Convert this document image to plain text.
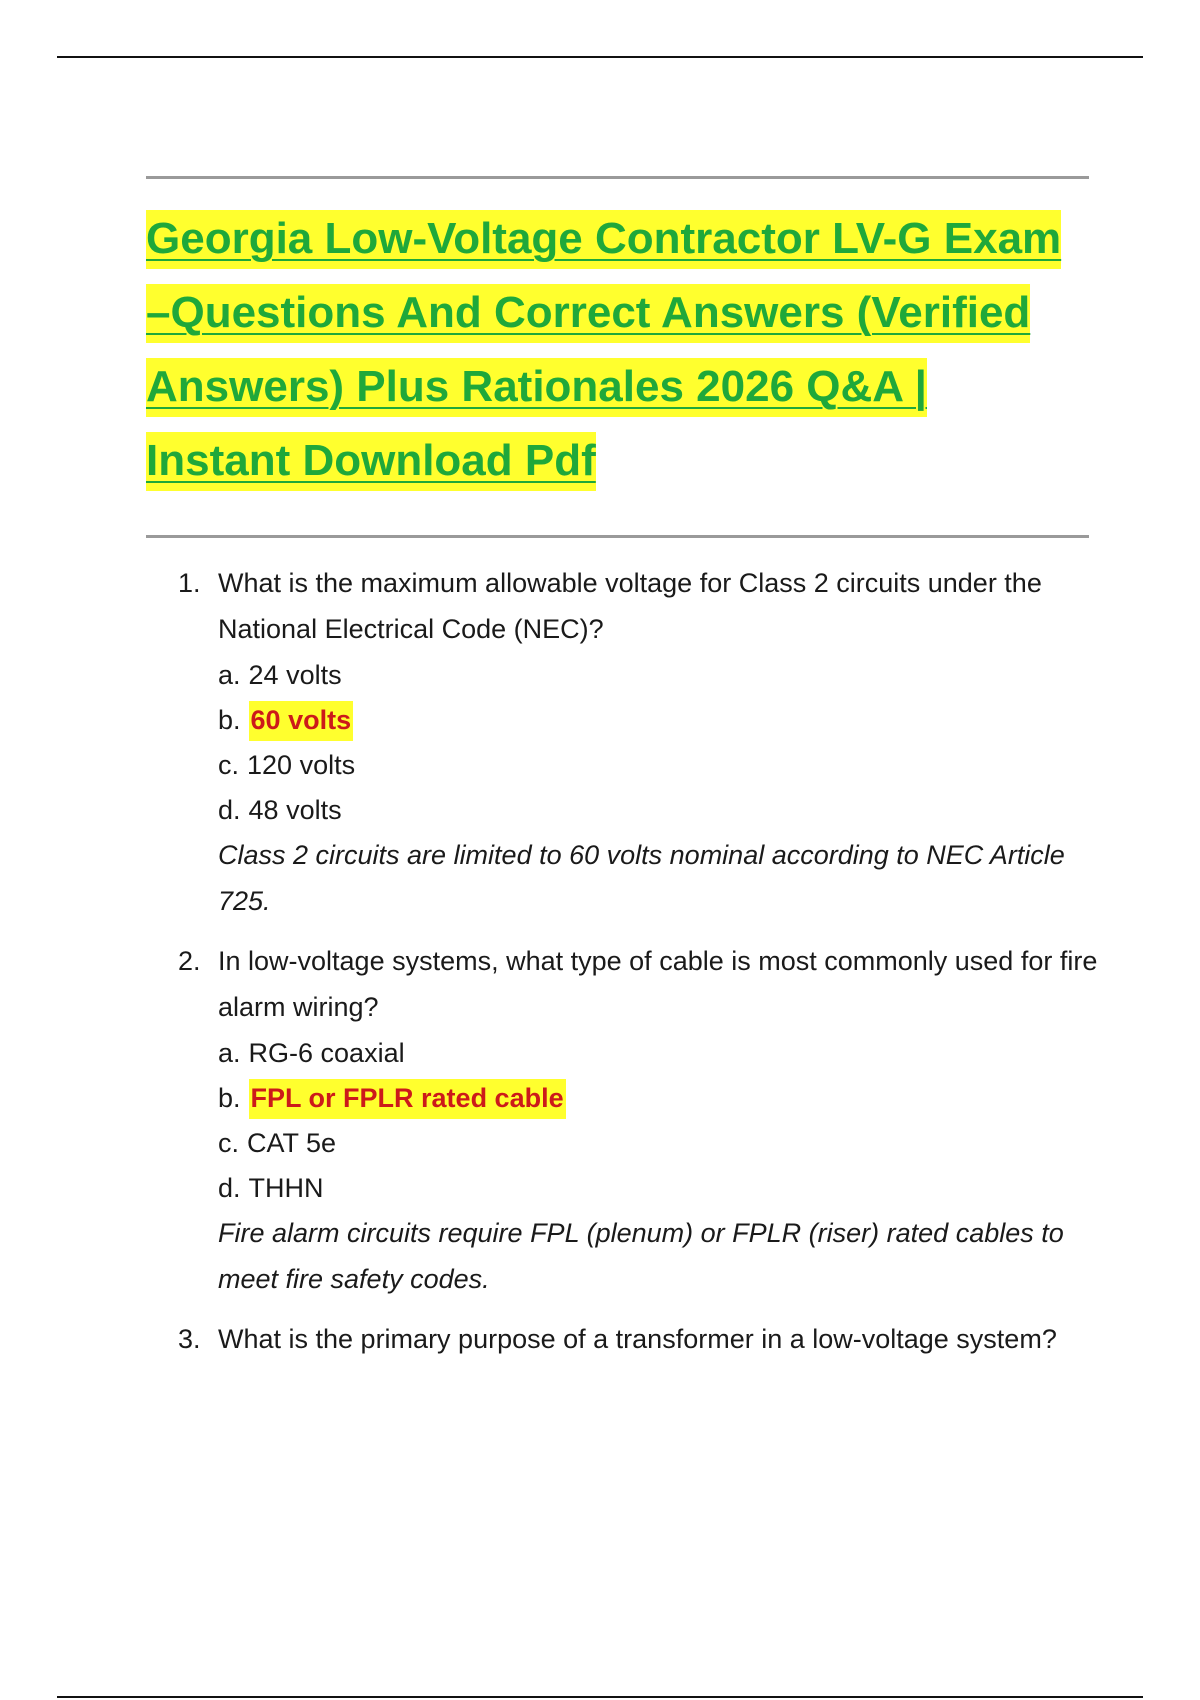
Georgia Low-Voltage Contractor LV-G Exam
–Questions And Correct Answers (Verified
Answers) Plus Rationales 2026 Q&A |
Instant Download Pdf
1. What is the maximum allowable voltage for Class 2 circuits under the National Electrical Code (NEC)?
a. 24 volts
b. 60 volts
c. 120 volts
d. 48 volts
Class 2 circuits are limited to 60 volts nominal according to NEC Article 725.
2. In low-voltage systems, what type of cable is most commonly used for fire alarm wiring?
a. RG-6 coaxial
b. FPL or FPLR rated cable
c. CAT 5e
d. THHN
Fire alarm circuits require FPL (plenum) or FPLR (riser) rated cables to meet fire safety codes.
3. What is the primary purpose of a transformer in a low-voltage system?
